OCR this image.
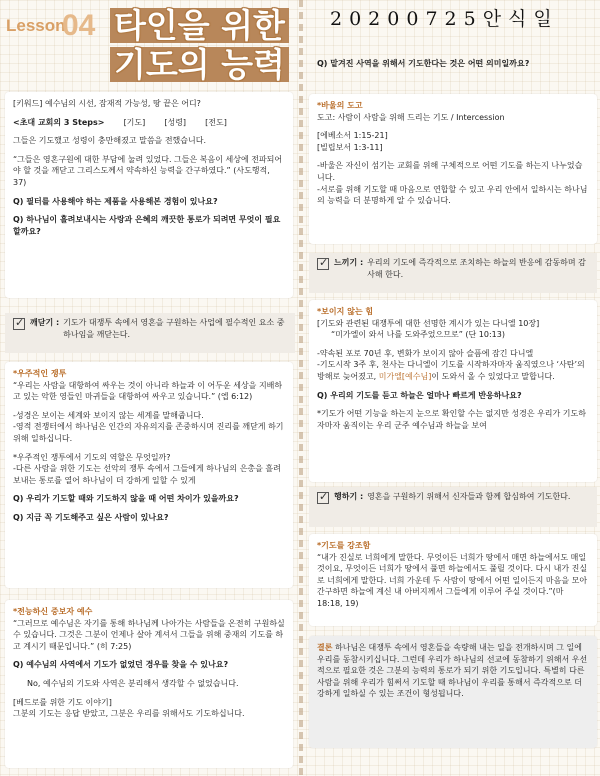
Lesson
04 타인을 위한
기도의 능력
20200725안식일

[키워드] 예수님의 시선, 잠재적 가능성, 땅 끝은 어디?

<초대 교회의 3 Steps> [기도] [성령] [전도]

그들은 기도했고 성령이 충만해졌고 말씀을 전했습니다.

“그들은 영혼구원에 대한 부담에 눌려 있었다. 그들은 복음이 세상에 전파되어야 할 것을 깨닫고 그리스도께서 약속하신 능력을 간구하였다.” (사도행적, 37)

Q) 필터를 사용해야 하는 제품을 사용해본 경험이 있나요?

Q) 하나님이 흘려보내시는 사랑과 은혜의 깨끗한 통로가 되려면 무엇이 필요할까요?

✓
깨닫기 : 기도가 대쟁투 속에서 영혼을 구원하는 사업에 필수적인 요소 중 하나임을 깨닫는다.

*우주적인 쟁투

“우리는 사람을 대항하여 싸우는 것이 아니라 하늘과 이 어두운 세상을 지배하고 있는 악한 영들인 마귀들을 대항하여 싸우고 있습니다.” (엡 6:12)

-성경은 보이는 세계와 보이지 않는 세계를 말해줍니다.

-영적 전쟁터에서 하나님은 인간의 자유의지를 존중하시며 진리를 깨닫게 하기 위해 일하십니다.

*우주적인 쟁투에서 기도의 역할은 무엇일까?

-다른 사람을 위한 기도는 선악의 쟁투 속에서 그들에게 하나님의 은총을 흘려보내는 통로를 열어 하나님이 더 강하게 일할 수 있게

Q) 우리가 기도할 때와 기도하지 않을 때 어떤 차이가 있을까요?

Q) 지금 꼭 기도해주고 싶은 사람이 있나요?

*전능하신 중보자 예수

“그러므로 예수님은 자기를 통해 하나님께 나아가는 사람들을 온전히 구원하실 수 있습니다. 그것은 그분이 언제나 살아 계셔서 그들을 위해 중재의 기도를 하고 계시기 때문입니다.” (히 7:25)

Q) 예수님의 사역에서 기도가 없었던 경우를 찾을 수 있나요?

No, 예수님의 기도와 사역은 분리해서 생각할 수 없었습니다.

[베드로를 위한 기도 이야기]

그분의 기도는 응답 받았고, 그분은 우리를 위해서도 기도하십니다.

Q) 맡겨진 사역을 위해서 기도한다는 것은 어떤 의미일까요?

*바울의 도고

도고: 사람이 사람을 위해 드리는 기도 / Intercession

[에베소서 1:15-21]

[빌립보서 1:3-11]

-바울은 자신이 섬기는 교회를 위해 구체적으로 어떤 기도를 하는지 나누었습니다.

-서로를 위해 기도할 때 마음으로 연합할 수 있고 우리 안에서 일하시는 하나님의 능력을 더 분명하게 알 수 있습니다.

✓
느끼기 : 우리의 기도에 즉각적으로 조치하는 하늘의 반응에 감동하며 감사해 한다.

*보이지 않는 힘

[기도와 관련된 대쟁투에 대한 선명한 계시가 있는 다니엘 10장]

“미가엘이 와서 나를 도와주었으므로” (단 10:13)

-약속된 포로 70년 후, 변화가 보이지 않아 슬픔에 잠긴 다니엘

-기도시작 3주 후, 천사는 다니엘이 기도를 시작하자마자 움직였으나 ‘사탄’의 방해로 늦어졌고, 미가엘[예수님]이 도와서 올 수 있었다고 말합니다.

Q) 우리의 기도를 듣고 하늘은 얼마나 빠르게 반응하나요?

*기도가 어떤 기능을 하는지 눈으로 확인할 수는 없지만 성경은 우리가 기도하자마자 움직이는 우리 군주 예수님과 하늘을 보여

✓
행하기 : 영혼을 구원하기 위해서 신자들과 함께 합심하여 기도한다.

*기도를 강조함

“내가 진실로 너희에게 말한다. 무엇이든 너희가 땅에서 매면 하늘에서도 매일 것이요, 무엇이든 너희가 땅에서 풀면 하늘에서도 풀릴 것이다. 다시 내가 진실로 너희에게 말한다. 너희 가운데 두 사람이 땅에서 어떤 일이든지 마음을 모아 간구하면 하늘에 계신 내 아버지께서 그들에게 이루어 주실 것이다.”(마 18:18, 19)

결론 하나님은 대쟁투 속에서 영혼들을 속량해 내는 일을 전개하시며 그 일에 우리를 동참시키십니다. 그런데 우리가 하나님의 선교에 동참하기 위해서 우선적으로 필요한 것은 그분의 능력의 통로가 되기 위한 기도입니다. 특별히 다른 사람을 위해 우리가 힘써서 기도할 때 하나님이 우리를 통해서 즉각적으로 더 강하게 일하실 수 있는 조건이 형성됩니다.
